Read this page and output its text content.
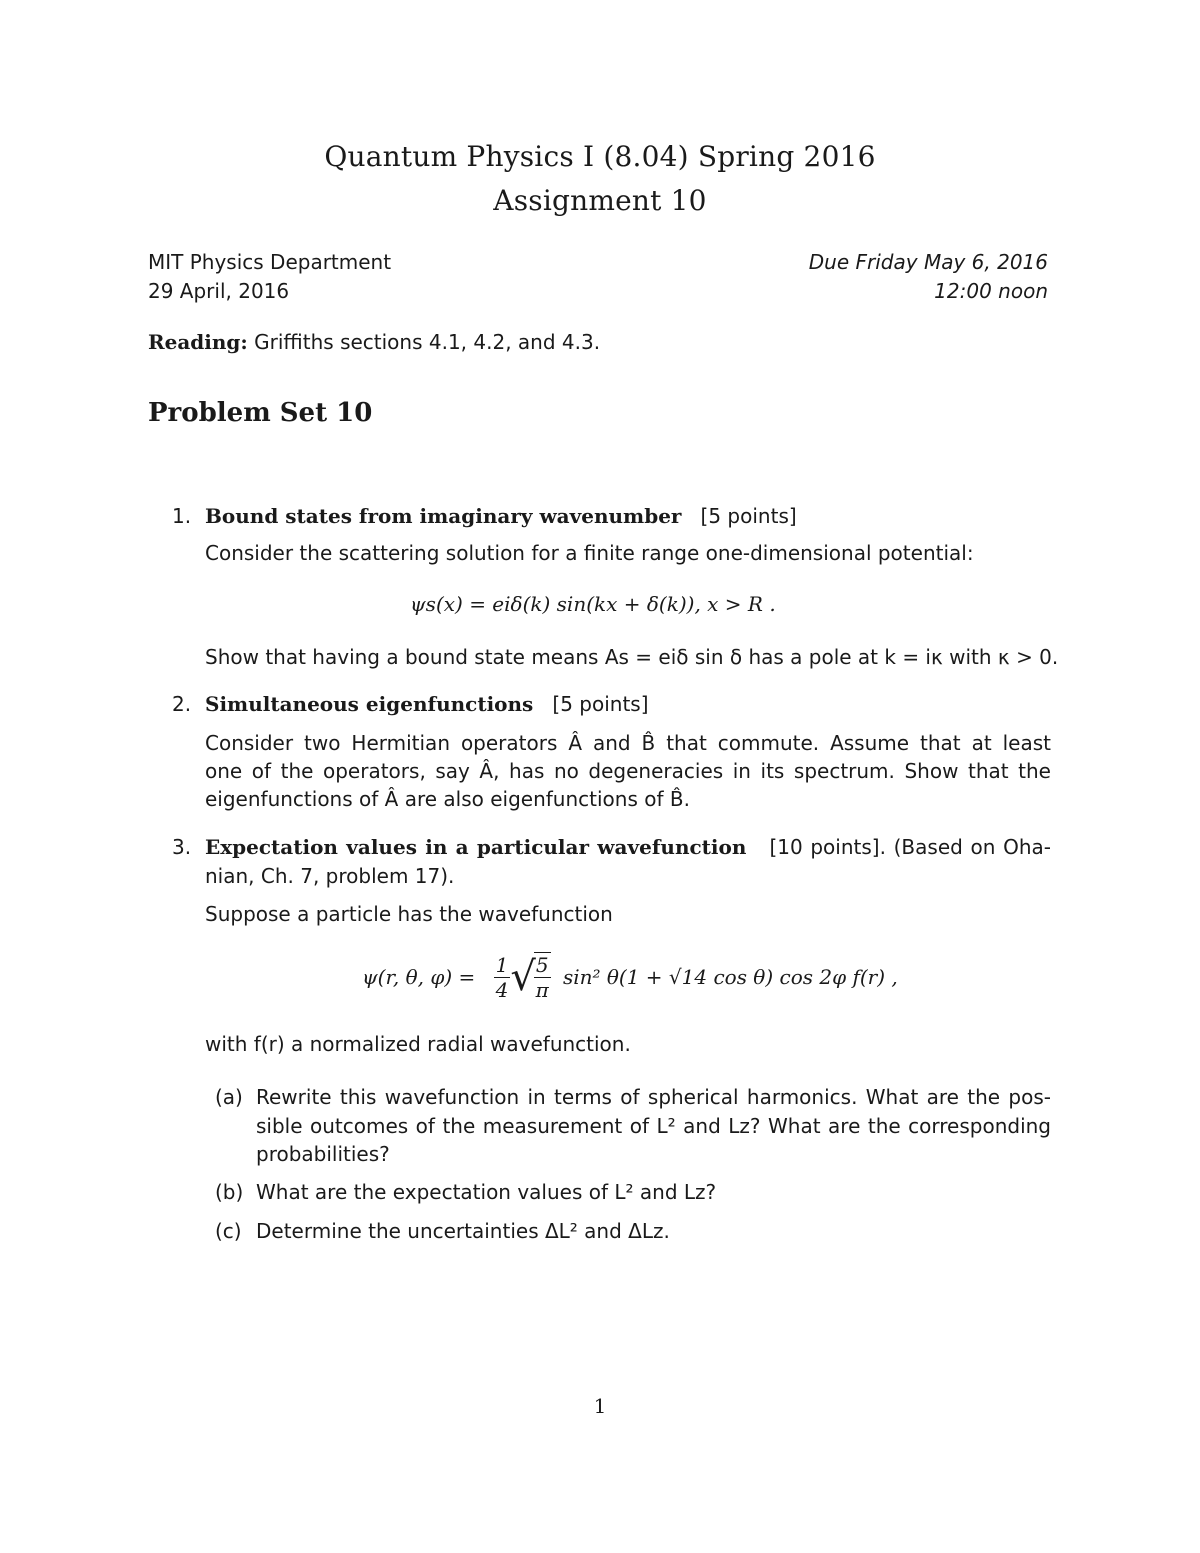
Quantum Physics I (8.04) Spring 2016
Assignment 10
MIT Physics Department
29 April, 2016
Due Friday May 6, 2016
12:00 noon
Reading: Griffiths sections 4.1, 4.2, and 4.3.
Problem Set 10
1. Bound states from imaginary wavenumber [5 points]
Consider the scattering solution for a finite range one-dimensional potential:
ψs(x) = eiδ(k) sin(kx + δ(k)), x > R .
Show that having a bound state means As = eiδ sin δ has a pole at k = iκ with κ > 0.
2. Simultaneous eigenfunctions [5 points]
Consider two Hermitian operators Â and B̂ that commute. Assume that at least
one of the operators, say Â, has no degeneracies in its spectrum. Show that the
eigenfunctions of Â are also eigenfunctions of B̂.
3. Expectation values in a particular wavefunction [10 points]. (Based on Oha-
nian, Ch. 7, problem 17).
Suppose a particle has the wavefunction
ψ(r, θ, $\varphi) = \frac{1}{4}$ √
$\frac{5}{\pi} \sin^2$ θ(1 + √14 cos θ) cos 2φ f(r) ,
with f(r) a normalized radial wavefunction.
(a) Rewrite this wavefunction in terms of spherical harmonics. What are the pos-
sible outcomes of the measurement of L² and Lz? What are the corresponding
probabilities?
(b) What are the expectation values of L² and Lz?
(c) Determine the uncertainties ΔL² and ΔLz.
1
